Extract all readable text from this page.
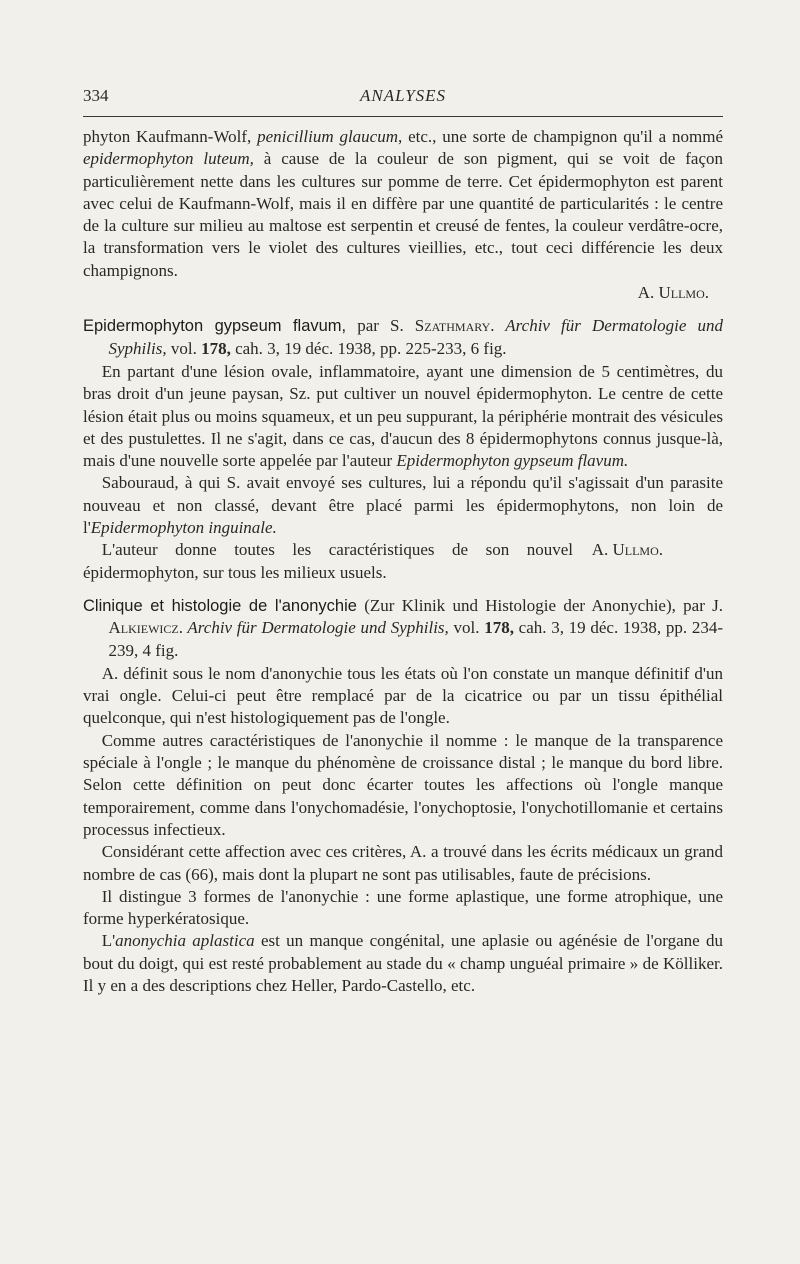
334	ANALYSES

phyton Kaufmann-Wolf, penicillium glaucum, etc., une sorte de champignon qu'il a nommé epidermophyton luteum, à cause de la couleur de son pigment, qui se voit de façon particulièrement nette dans les cultures sur pomme de terre. Cet épidermophyton est parent avec celui de Kaufmann-Wolf, mais il en diffère par une quantité de particularités : le centre de la culture sur milieu au maltose est serpentin et creusé de fentes, la couleur verdâtre-ocre, la transformation vers le violet des cultures vieillies, etc., tout ceci différencie les deux champignons.

A. Ullmo.

Epidermophyton gypseum flavum, par S. Szathmary. Archiv für Dermatologie und Syphilis, vol. 178, cah. 3, 19 déc. 1938, pp. 225-233, 6 fig.

En partant d'une lésion ovale, inflammatoire, ayant une dimension de 5 centimètres, du bras droit d'un jeune paysan, Sz. put cultiver un nouvel épidermophyton. Le centre de cette lésion était plus ou moins squameux, et un peu suppurant, la périphérie montrait des vésicules et des pustulettes. Il ne s'agit, dans ce cas, d'aucun des 8 épidermophytons connus jusque-là, mais d'une nouvelle sorte appelée par l'auteur Epidermophyton gypseum flavum.

Sabouraud, à qui S. avait envoyé ses cultures, lui a répondu qu'il s'agissait d'un parasite nouveau et non classé, devant être placé parmi les épidermophytons, non loin de l'Epidermophyton inguinale.

A. Ullmo.
L'auteur donne toutes les caractéristiques de son nouvel épidermophyton, sur tous les milieux usuels.

Clinique et histologie de l'anonychie (Zur Klinik und Histologie der Anonychie), par J. Alkiewicz. Archiv für Dermatologie und Syphilis, vol. 178, cah. 3, 19 déc. 1938, pp. 234-239, 4 fig.

A. définit sous le nom d'anonychie tous les états où l'on constate un manque définitif d'un vrai ongle. Celui-ci peut être remplacé par de la cicatrice ou par un tissu épithélial quelconque, qui n'est histologiquement pas de l'ongle.

Comme autres caractéristiques de l'anonychie il nomme : le manque de la transparence spéciale à l'ongle ; le manque du phénomène de croissance distal ; le manque du bord libre. Selon cette définition on peut donc écarter toutes les affections où l'ongle manque temporairement, comme dans l'onychomadésie, l'onychoptosie, l'onychotillomanie et certains processus infectieux.

Considérant cette affection avec ces critères, A. a trouvé dans les écrits médicaux un grand nombre de cas (66), mais dont la plupart ne sont pas utilisables, faute de précisions.

Il distingue 3 formes de l'anonychie : une forme aplastique, une forme atrophique, une forme hyperkératosique.

L'anonychia aplastica est un manque congénital, une aplasie ou agénésie de l'organe du bout du doigt, qui est resté probablement au stade du « champ unguéal primaire » de Kölliker. Il y en a des descriptions chez Heller, Pardo-Castello, etc.
